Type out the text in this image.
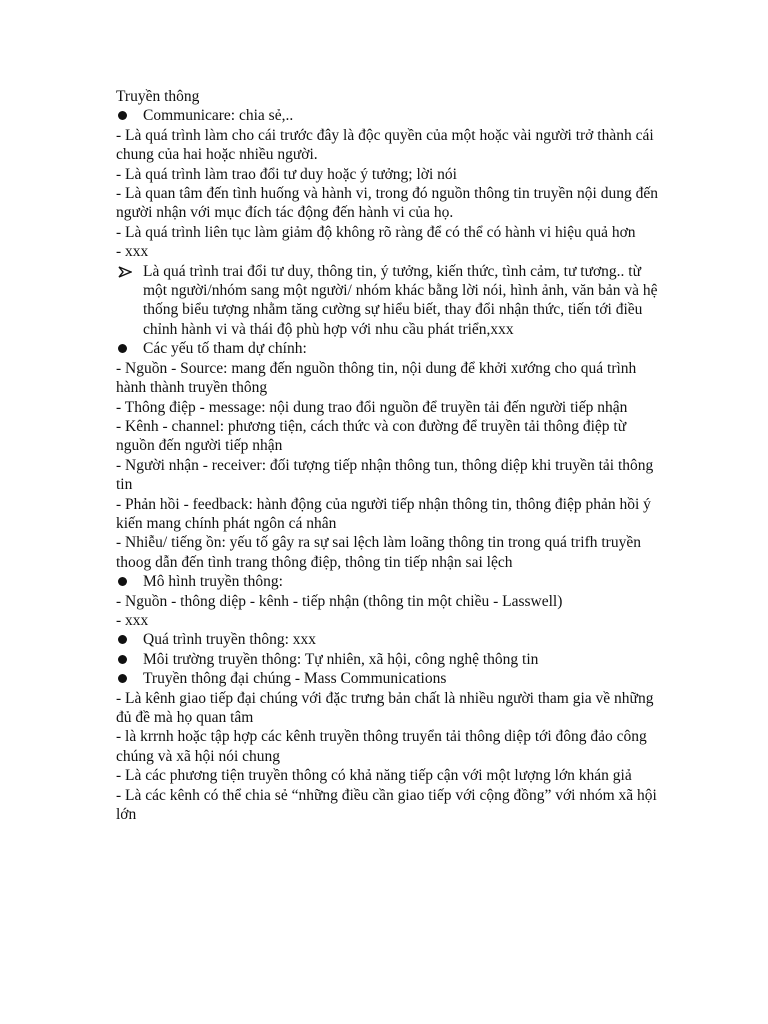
Truyền thông

Communicare: chia sẻ,..

- Là quá trình làm cho cái trước đây là độc quyền của một hoặc vài người trở thành cái chung của hai hoặc nhiều người.

- Là quá trình làm trao đổi tư duy hoặc ý tưởng; lời nói

- Là quan tâm đến tình huống và hành vi, trong đó nguồn thông tin truyền nội dung đến người nhận với mục đích tác động đến hành vi của họ.

- Là quá trình liên tục làm giảm độ không rõ ràng để có thể có hành vi hiệu quả hơn

- xxx

Là quá trình trai đổi tư duy, thông tin, ý tưởng, kiến thức, tình cảm, tư tương.. từ một người/nhóm sang một người/ nhóm khác bằng lời nói, hình ảnh, văn bản và hệ thống biểu tượng nhằm tăng cường sự hiểu biết, thay đổi nhận thức, tiến tới điều chỉnh hành vi và thái độ phù hợp với nhu cầu phát triển,xxx
Các yếu tố tham dự chính:

- Nguồn - Source: mang đến nguồn thông tin, nội dung để khởi xướng cho quá trình hành thành truyền thông

- Thông điệp - message: nội dung trao đổi nguồn để truyền tải đến người tiếp nhận

- Kênh - channel: phương tiện, cách thức và con đường để truyền tải thông điệp từ nguồn đến người tiếp nhận

- Người nhận - receiver: đối tượng tiếp nhận thông tun, thông diệp khi truyền tải thông tin

- Phản hồi - feedback: hành động của người tiếp nhận thông tin, thông điệp phản hồi ý kiến mang chính phát ngôn cá nhân

- Nhiễu/ tiếng ồn: yếu tố gây ra sự sai lệch làm loãng thông tin trong quá trifh truyền thoog dẫn đến tình trang thông điệp, thông tin tiếp nhận sai lệch

Mô hình truyền thông:

- Nguồn - thông diệp - kênh - tiếp nhận (thông tin một chiều - Lasswell)

- xxx

Quá trình truyền thông: xxx
Môi trường truyền thông: Tự nhiên, xã hội, công nghệ thông tin
Truyền thông đại chúng - Mass Communications

- Là kênh giao tiếp đại chúng với đặc trưng bản chất là nhiều người tham gia về những đủ đề mà họ quan tâm

- là krrnh hoặc tập hợp các kênh truyền thông truyển tải thông diệp tới đông đảo công chúng và xã hội nói chung

- Là các phương tiện truyền thông có khả năng tiếp cận với một lượng lớn khán giả

- Là các kênh có thể chia sẻ “những điều cần giao tiếp với cộng đồng” với nhóm xã hội lớn
